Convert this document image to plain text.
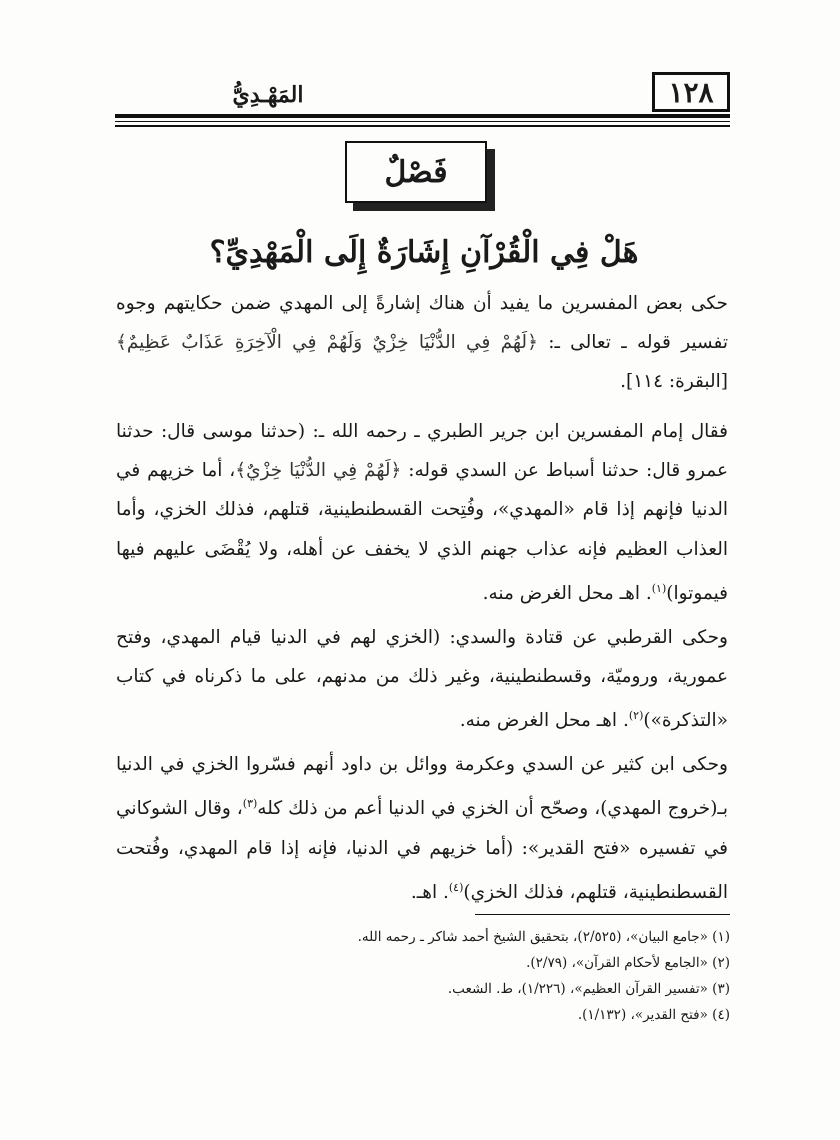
١٢٨
المَهْـدِيُّ
فَصْلٌ
هَلْ فِي الْقُرْآنِ إِشَارَةٌ إِلَى الْمَهْدِيِّ؟
حكى بعض المفسرين ما يفيد أن هناك إشارةً إلى المهدي ضمن حكايتهم وجوه تفسير قوله ـ تعالى ـ: ﴿لَهُمْ فِي الدُّنْيَا خِزْيٌ وَلَهُمْ فِي الْآخِرَةِ عَذَابٌ عَظِيمٌ﴾ [البقرة: ١١٤].
فقال إمام المفسرين ابن جرير الطبري ـ رحمه الله ـ: (حدثنا موسى قال: حدثنا عمرو قال: حدثنا أسباط عن السدي قوله: ﴿لَهُمْ فِي الدُّنْيَا خِزْيٌ﴾، أما خزيهم في الدنيا فإنهم إذا قام «المهدي»، وفُتِحت القسطنطينية، قتلهم، فذلك الخزي، وأما العذاب العظيم فإنه عذاب جهنم الذي لا يخفف عن أهله، ولا يُقْضَى عليهم فيها فيموتوا)$^{(١)}$. اهـ محل الغرض منه.
وحكى القرطبي عن قتادة والسدي: (الخزي لهم في الدنيا قيام المهدي، وفتح عمورية، وروميّة، وقسطنطينية، وغير ذلك من مدنهم، على ما ذكرناه في كتاب «التذكرة»)$^{(٢)}$. اهـ محل الغرض منه.
وحكى ابن كثير عن السدي وعكرمة ووائل بن داود أنهم فسّروا الخزي في الدنيا بـ(خروج المهدي)، وصحّح أن الخزي في الدنيا أعم من ذلك كله$^{(٣)}$، وقال الشوكاني في تفسيره «فتح القدير»: (أما خزيهم في الدنيا، فإنه إذا قام المهدي، وفُتحت القسطنطينية، قتلهم، فذلك الخزي)$^{(٤)}$. اهـ.
(١) «جامع البيان»، (٢/٥٢٥)، بتحقيق الشيخ أحمد شاكر ـ رحمه الله.
(٢) «الجامع لأحكام القرآن»، (٢/٧٩).
(٣) «تفسير القرآن العظيم»، (١/٢٢٦)، ط. الشعب.
(٤) «فتح القدير»، (١/١٣٢).
